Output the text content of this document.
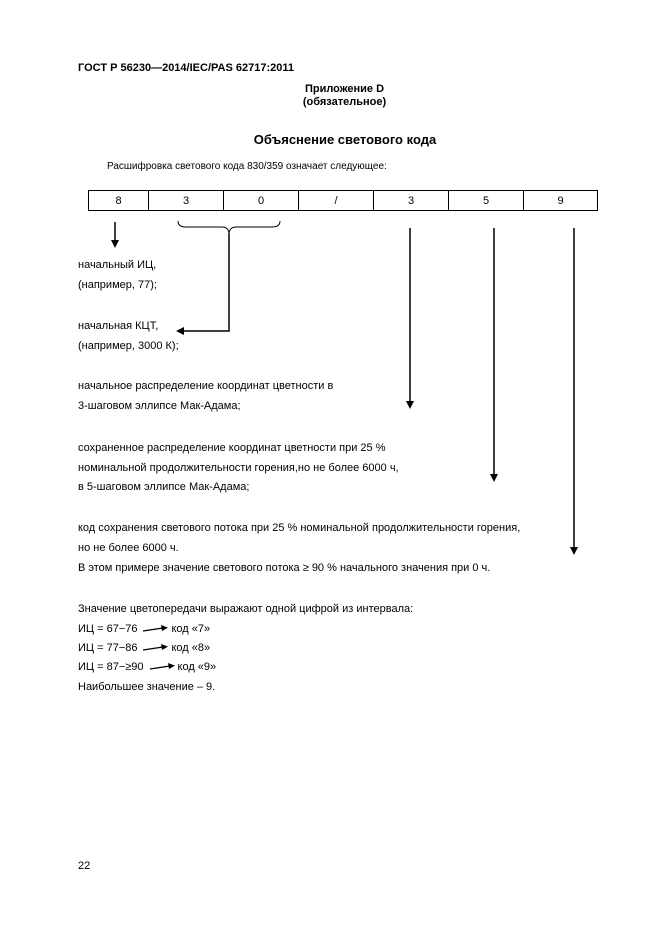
ГОСТ Р 56230—2014/IEC/PAS 62717:2011
Приложение D
(обязательное)
Объяснение светового кода
Расшифровка светового кода 830/359 означает следующее:
8	3	0	/	3	5	9
начальный ИЦ,
(например, 77);
начальная КЦТ,
(например, 3000 К);
начальное распределение координат цветности в
3-шаговом эллипсе Мак-Адама;
сохраненное распределение координат цветности при 25 %
номинальной продолжительности горения,но не более 6000 ч,
в 5-шаговом эллипсе Мак-Адама;
код сохранения светового потока при 25 % номинальной продолжительности горения,
но не более 6000 ч.
В этом примере значение светового потока ≥ 90 % начального значения при 0 ч.
Значение цветопередачи выражают одной цифрой из интервала:
ИЦ = 67−76	код «7»
ИЦ = 77−86	код «8»
ИЦ = 87−≥90	код «9»
Наибольшее значение – 9.
22
